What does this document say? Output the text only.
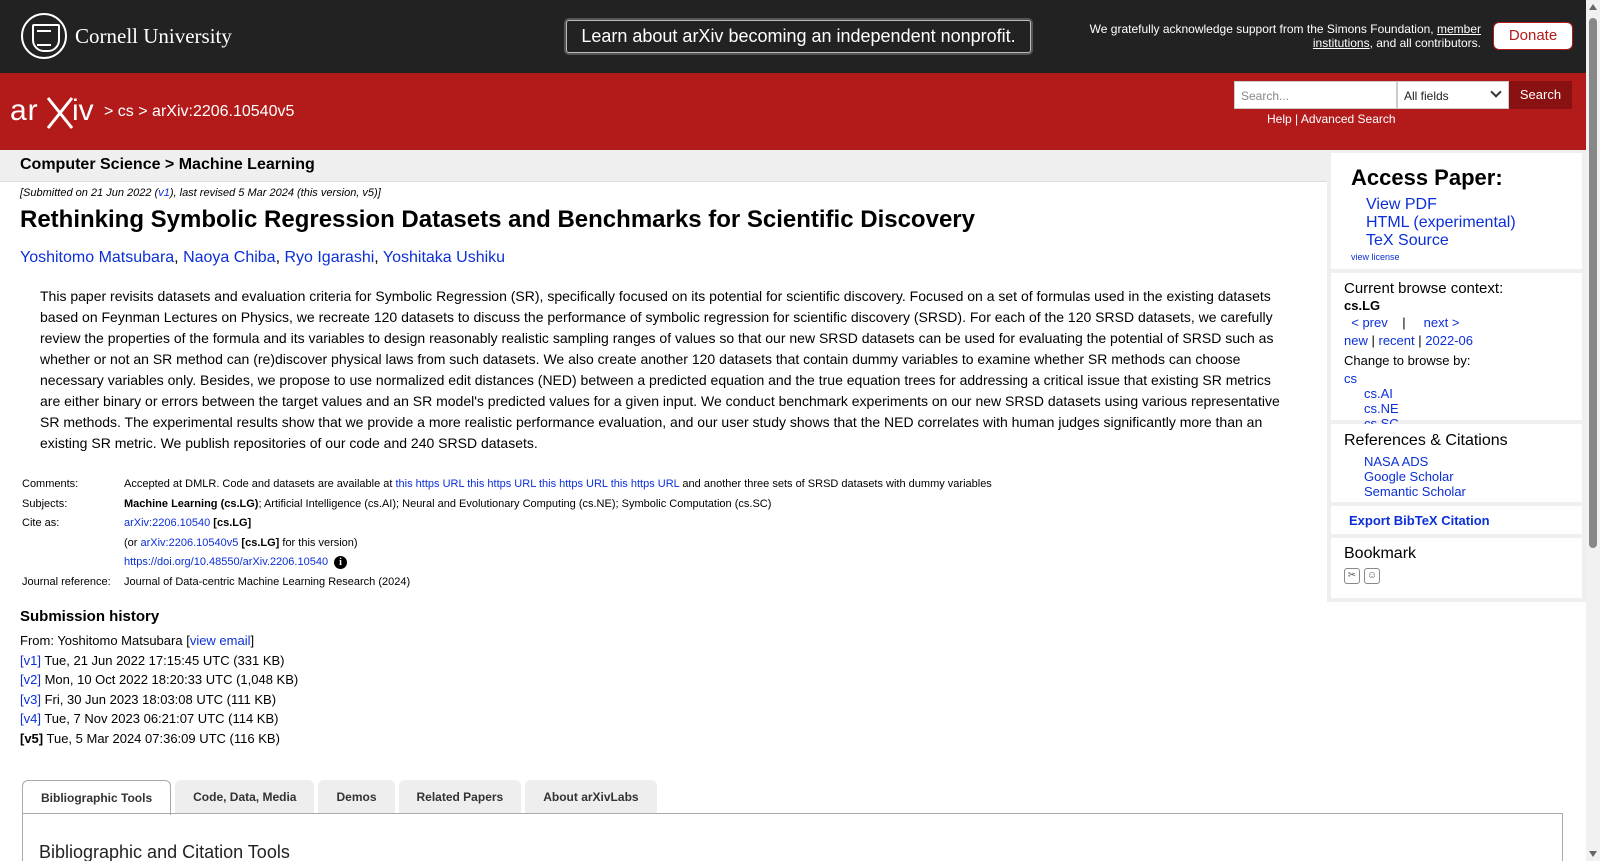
Cornell University	Learn about arXiv becoming an independent nonprofit.	We gratefully acknowledge support from the Simons Foundation, member institutions, and all contributors.	Donate
ar iv > cs > arXiv:2206.10540v5
Search...	All fields	Search
Help | Advanced Search
Computer Science > Machine Learning
[Submitted on 21 Jun 2022 (v1), last revised 5 Mar 2024 (this version, v5)]
Rethinking Symbolic Regression Datasets and Benchmarks for Scientific Discovery
Yoshitomo Matsubara, Naoya Chiba, Ryo Igarashi, Yoshitaka Ushiku
This paper revisits datasets and evaluation criteria for Symbolic Regression (SR), specifically focused on its potential for scientific discovery. Focused on a set of formulas used in the existing datasets based on Feynman Lectures on Physics, we recreate 120 datasets to discuss the performance of symbolic regression for scientific discovery (SRSD). For each of the 120 SRSD datasets, we carefully review the properties of the formula and its variables to design reasonably realistic sampling ranges of values so that our new SRSD datasets can be used for evaluating the potential of SRSD such as whether or not an SR method can (re)discover physical laws from such datasets. We also create another 120 datasets that contain dummy variables to examine whether SR methods can choose necessary variables only. Besides, we propose to use normalized edit distances (NED) between a predicted equation and the true equation trees for addressing a critical issue that existing SR metrics are either binary or errors between the target values and an SR model's predicted values for a given input. We conduct benchmark experiments on our new SRSD datasets using various representative SR methods. The experimental results show that we provide a more realistic performance evaluation, and our user study shows that the NED correlates with human judges significantly more than an existing SR metric. We publish repositories of our code and 240 SRSD datasets.
Comments:	Accepted at DMLR. Code and datasets are available at this https URL this https URL this https URL this https URL and another three sets of SRSD datasets with dummy variables
Subjects:	Machine Learning (cs.LG); Artificial Intelligence (cs.AI); Neural and Evolutionary Computing (cs.NE); Symbolic Computation (cs.SC)
Cite as:	arXiv:2206.10540 [cs.LG]
(or arXiv:2206.10540v5 [cs.LG] for this version)
https://doi.org/10.48550/arXiv.2206.10540 i
Journal reference:	Journal of Data-centric Machine Learning Research (2024)
Submission history
From: Yoshitomo Matsubara [view email]
[v1] Tue, 21 Jun 2022 17:15:45 UTC (331 KB)
[v2] Mon, 10 Oct 2022 18:20:33 UTC (1,048 KB)
[v3] Fri, 30 Jun 2023 18:03:08 UTC (111 KB)
[v4] Tue, 7 Nov 2023 06:21:07 UTC (114 KB)
[v5] Tue, 5 Mar 2024 07:36:09 UTC (116 KB)
Bibliographic Tools	Code, Data, Media	Demos	Related Papers	About arXivLabs
Bibliographic and Citation Tools
Access Paper:
View PDF
HTML (experimental)
TeX Source
view license
Current browse context:
cs.LG
< prev | next >
new | recent | 2022-06
Change to browse by:
cs
cs.AI
cs.NE
References & Citations
NASA ADS
Google Scholar
Semantic Scholar
Export BibTeX Citation
Bookmark
✂	☺
